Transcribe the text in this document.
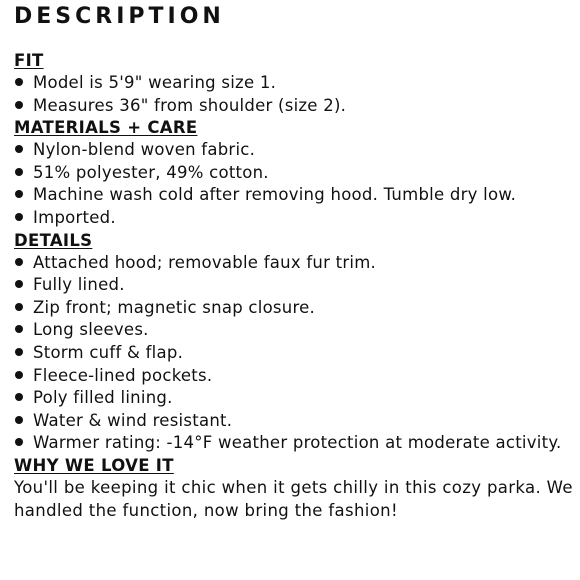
DESCRIPTION
FIT
Model is 5'9" wearing size 1.
Measures 36" from shoulder (size 2).
MATERIALS + CARE
Nylon-blend woven fabric.
51% polyester, 49% cotton.
Machine wash cold after removing hood. Tumble dry low.
Imported.
DETAILS
Attached hood; removable faux fur trim.
Fully lined.
Zip front; magnetic snap closure.
Long sleeves.
Storm cuff & flap.
Fleece-lined pockets.
Poly filled lining.
Water & wind resistant.
Warmer rating: -14°F weather protection at moderate activity.
WHY WE LOVE IT

You'll be keeping it chic when it gets chilly in this cozy parka. We handled the function, now bring the fashion!
